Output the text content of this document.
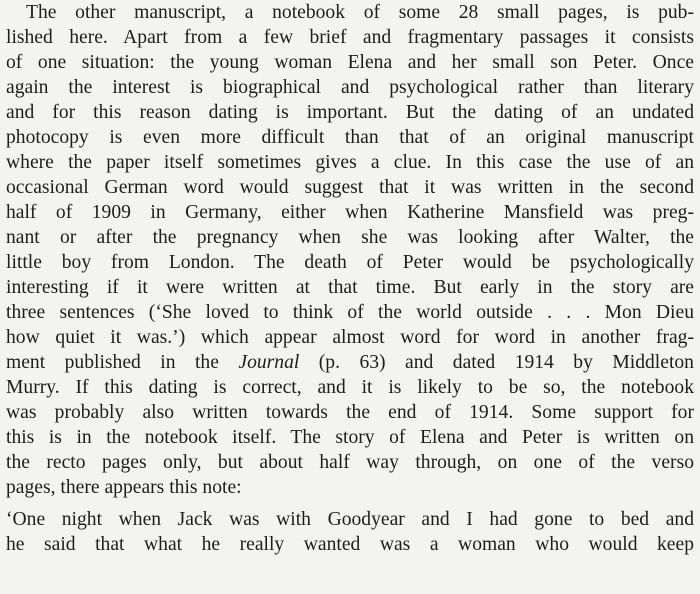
The other manuscript, a notebook of some 28 small pages, is pub-
lished here. Apart from a few brief and fragmentary passages it consists
of one situation: the young woman Elena and her small son Peter. Once
again the interest is biographical and psychological rather than literary
and for this reason dating is important. But the dating of an undated
photocopy is even more difficult than that of an original manuscript
where the paper itself sometimes gives a clue. In this case the use of an
occasional German word would suggest that it was written in the second
half of 1909 in Germany, either when Katherine Mansfield was preg-
nant or after the pregnancy when she was looking after Walter, the
little boy from London. The death of Peter would be psychologically
interesting if it were written at that time. But early in the story are
three sentences (‘She loved to think of the world outside . . . Mon Dieu
how quiet it was.’) which appear almost word for word in another frag-
ment published in the Journal (p. 63) and dated 1914 by Middleton
Murry. If this dating is correct, and it is likely to be so, the notebook
was probably also written towards the end of 1914. Some support for
this is in the notebook itself. The story of Elena and Peter is written on
the recto pages only, but about half way through, on one of the verso
pages, there appears this note:
‘One night when Jack was with Goodyear and I had gone to bed and
he said that what he really wanted was a woman who would keep
